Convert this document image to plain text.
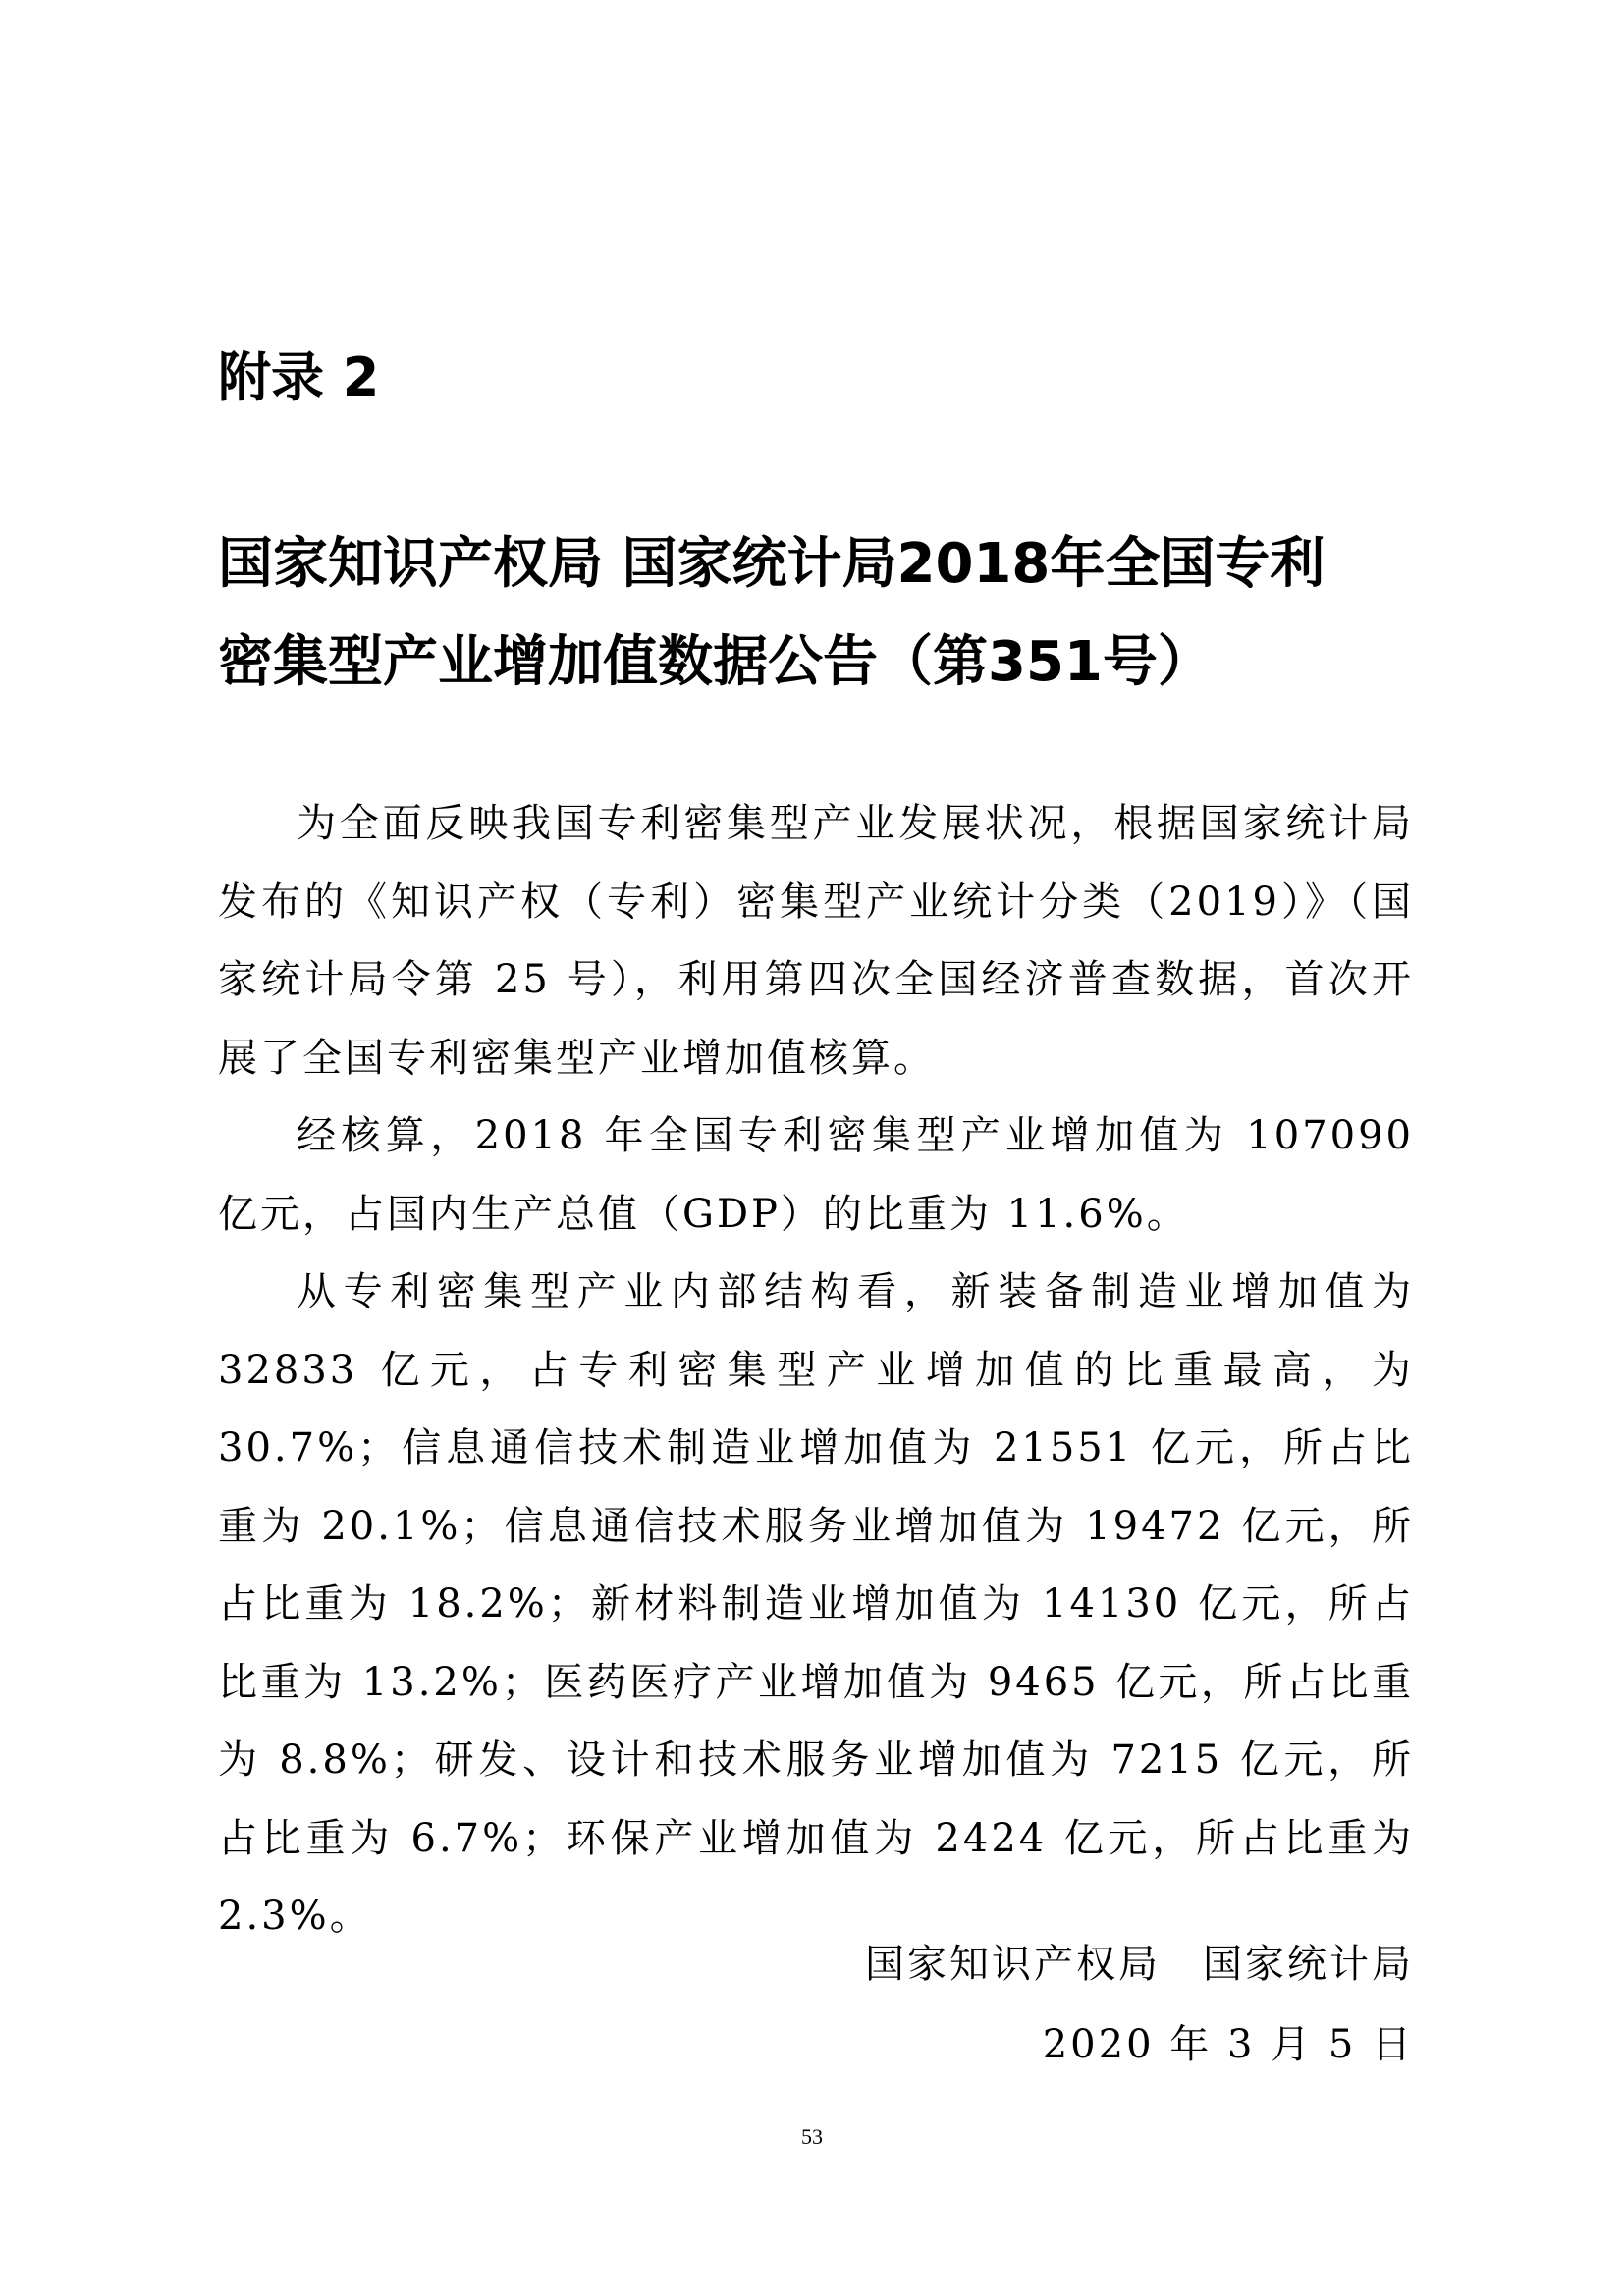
附录 2
国家知识产权局 国家统计局2018年全国专利
密集型产业增加值数据公告（第351号）

为全面反映我国专利密集型产业发展状况，根据国家统计局发布的《知识产权（专利）密集型产业统计分类（2019）》（国家统计局令第 25 号），利用第四次全国经济普查数据，首次开展了全国专利密集型产业增加值核算。

经核算，2018 年全国专利密集型产业增加值为 107090 亿元，占国内生产总值（GDP）的比重为 11.6%。

从专利密集型产业内部结构看，新装备制造业增加值为 32833 亿元，占专利密集型产业增加值的比重最高，为 30.7%；信息通信技术制造业增加值为 21551 亿元，所占比重为 20.1%；信息通信技术服务业增加值为 19472 亿元，所占比重为 18.2%；新材料制造业增加值为 14130 亿元，所占比重为 13.2%；医药医疗产业增加值为 9465 亿元，所占比重为 8.8%；研发、设计和技术服务业增加值为 7215 亿元，所占比重为 6.7%；环保产业增加值为 2424 亿元，所占比重为 2.3%。

国家知识产权局　国家统计局
2020 年 3 月 5 日
53
